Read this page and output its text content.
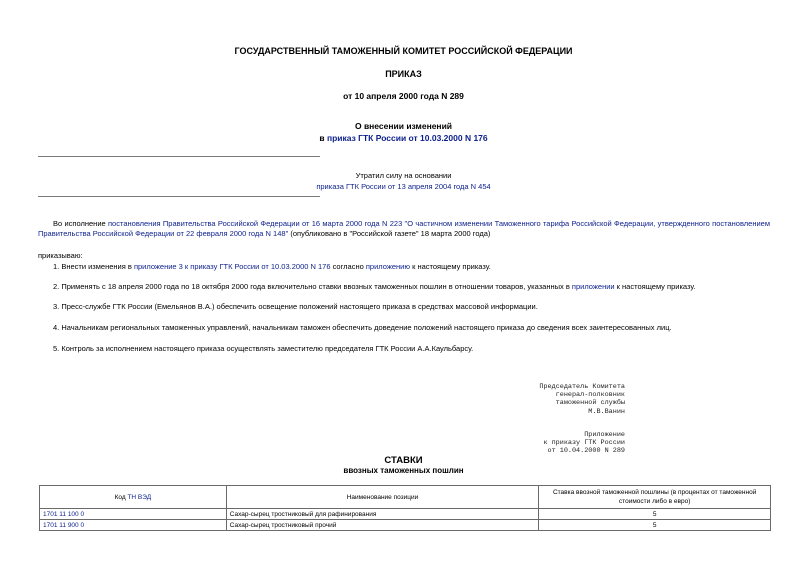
ГОСУДАРСТВЕННЫЙ ТАМОЖЕННЫЙ КОМИТЕТ РОССИЙСКОЙ ФЕДЕРАЦИИ
ПРИКАЗ
от 10 апреля 2000 года N 289
О внесении изменений
в приказ ГТК России от 10.03.2000 N 176
Утратил силу на основании
приказа ГТК России от 13 апреля 2004 года N 454
Во исполнение постановления Правительства Российской Федерации от 16 марта 2000 года N 223 "О частичном изменении Таможенного тарифа Российской Федерации, утвержденного постановлением Правительства Российской Федерации от 22 февраля 2000 года N 148" (опубликовано в "Российской газете" 18 марта 2000 года)
приказываю:
1. Внести изменения в приложение 3 к приказу ГТК России от 10.03.2000 N 176 согласно приложению к настоящему приказу.
2. Применять с 18 апреля 2000 года по 18 октября 2000 года включительно ставки ввозных таможенных пошлин в отношении товаров, указанных в приложении к настоящему приказу.
3. Пресс-службе ГТК России (Емельянов В.А.) обеспечить освещение положений настоящего приказа в средствах массовой информации.
4. Начальникам региональных таможенных управлений, начальникам таможен обеспечить доведение положений настоящего приказа до сведения всех заинтересованных лиц.
5. Контроль за исполнением настоящего приказа осуществлять заместителю председателя ГТК России А.А.Каульбарсу.
Председатель Комитета
генерал-полковник
таможенной службы
М.В.Ванин
Приложение
к приказу ГТК России
от 10.04.2000 N 289
СТАВКИ
ввозных таможенных пошлин
Код ТН ВЭД	Наименование позиции	Ставка ввозной таможенной пошлины (в процентах от таможенной стоимости либо в евро)
1701 11 100 0	Сахар-сырец тростниковый для рафинирования	5
1701 11 900 0	Сахар-сырец тростниковый прочий	5
